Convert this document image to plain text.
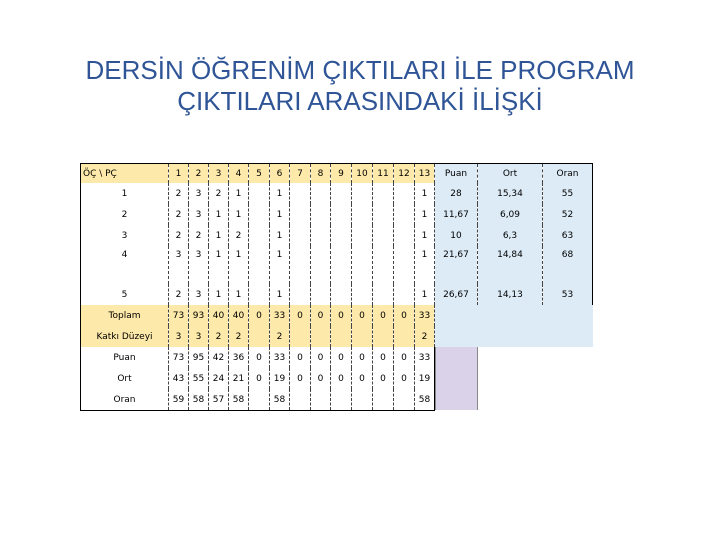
DERSİN ÖĞRENİM ÇIKTILARI İLE PROGRAM
ÇIKTILARI ARASINDAKİ İLİŞKİ
ÖÇ \ PÇ	1	2	3	4	5	6	7	8	9	10	11	12	13	Puan	Ort	Oran
1	2	3	2	1		1							1	28	15,34	55
2	2	3	1	1		1							1	11,67	6,09	52
3	2	2	1	2		1							1	10	6,3	63
4	3	3	1	1		1							1	21,67	14,84	68
5	2	3	1	1		1							1	26,67	14,13	53
Toplam	73	93	40	40	0	33	0	0	0	0	0	0	33			
Katkı Düzeyi	3	3	2	2		2							2			
Puan	73	95	42	36	0	33	0	0	0	0	0	0	33			

Ort	43	55	24	21	0	19	0	0	0	0	0	0	19			

Oran	59	58	57	58		58							58			
